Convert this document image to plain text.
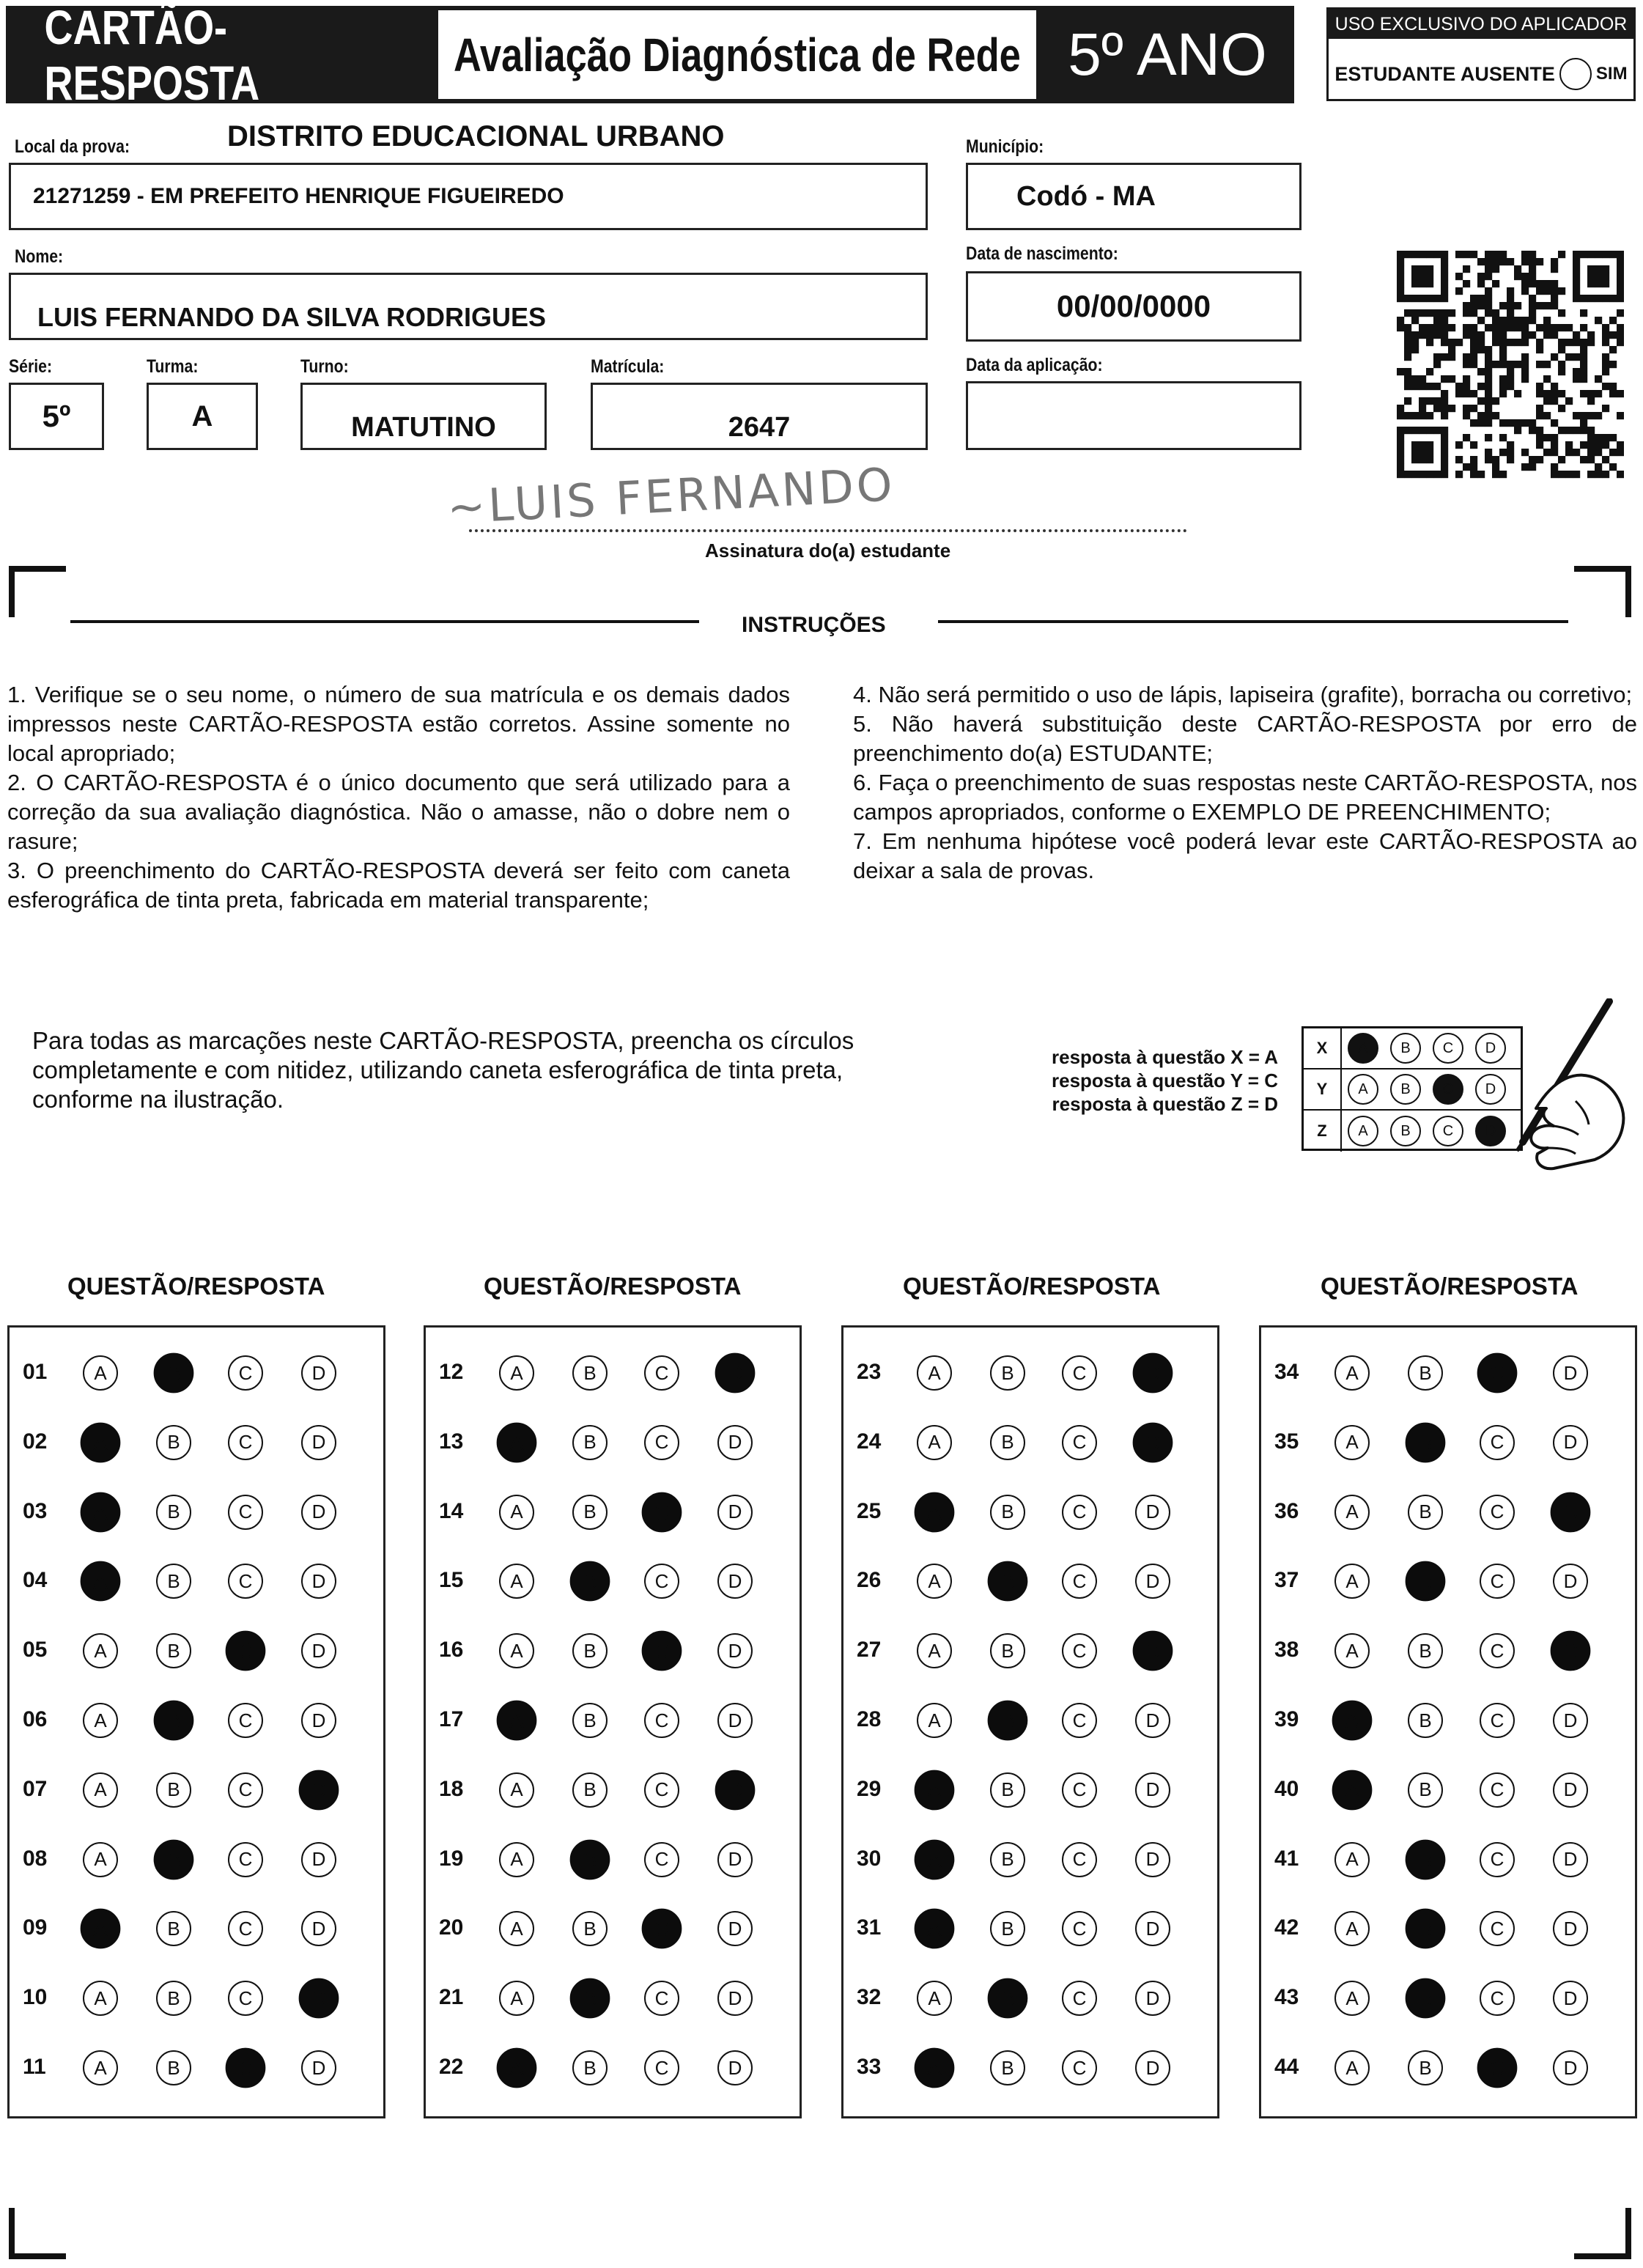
CARTÃO-RESPOSTA
Avaliação Diagnóstica de Rede 5º ANO	USO EXCLUSIVO DO APLICADOR
ESTUDANTE AUSENTE SIM
Local da prova:	DISTRITO EDUCACIONAL URBANO
21271259 - EM PREFEITO HENRIQUE FIGUEIREDO
Município:
Codó - MA
Nome:
LUIS FERNANDO DA SILVA RODRIGUES
Data de nascimento:
00/00/0000
Série:
5º
Turma:
A
Turno:
MATUTINO
Matrícula:
2647
Data da aplicação:
~LUIS FERNANDO
Assinatura do(a) estudante
INSTRUÇÕES

1. Verifique se o seu nome, o número de sua matrícula e os demais dados impressos neste CARTÃO-RESPOSTA estão corretos. Assine somente no local apropriado;

2. O CARTÃO-RESPOSTA é o único documento que será utilizado para a correção da sua avaliação diagnóstica. Não o amasse, não o dobre nem o rasure;

3. O preenchimento do CARTÃO-RESPOSTA deverá ser feito com caneta esferográfica de tinta preta, fabricada em material transparente;

4. Não será permitido o uso de lápis, lapiseira (grafite), borracha ou corretivo;

5. Não haverá substituição deste CARTÃO-RESPOSTA por erro de preenchimento do(a) ESTUDANTE;

6. Faça o preenchimento de suas respostas neste CARTÃO-RESPOSTA, nos campos apropriados, conforme o EXEMPLO DE PREENCHIMENTO;

7. Em nenhuma hipótese você poderá levar este CARTÃO-RESPOSTA ao deixar a sala de provas.

Para todas as marcações neste CARTÃO-RESPOSTA, preencha os círculos completamente e com nitidez, utilizando caneta esferográfica de tinta preta, conforme na ilustração.
resposta à questão X = A
resposta à questão Y = C
resposta à questão Z = D
X	A	B	C	D
Y	A	B	C	D
Z	A	B	C	D
QUESTÃO/RESPOSTA	QUESTÃO/RESPOSTA	QUESTÃO/RESPOSTA	QUESTÃO/RESPOSTA
01	A	B	C	D
02	A	B	C	D
03	A	B	C	D
04	A	B	C	D
05	A	B	C	D
06	A	B	C	D
07	A	B	C	D
08	A	B	C	D
09	A	B	C	D
10	A	B	C	D
11	A	B	C	D
12	A	B	C	D
13	A	B	C	D
14	A	B	C	D
15	A	B	C	D
16	A	B	C	D
17	A	B	C	D
18	A	B	C	D
19	A	B	C	D
20	A	B	C	D
21	A	B	C	D
22	A	B	C	D
23	A	B	C	D
24	A	B	C	D
25	A	B	C	D
26	A	B	C	D
27	A	B	C	D
28	A	B	C	D
29	A	B	C	D
30	A	B	C	D
31	A	B	C	D
32	A	B	C	D
33	A	B	C	D
34	A	B	C	D
35	A	B	C	D
36	A	B	C	D
37	A	B	C	D
38	A	B	C	D
39	A	B	C	D
40	A	B	C	D
41	A	B	C	D
42	A	B	C	D
43	A	B	C	D
44	A	B	C	D
